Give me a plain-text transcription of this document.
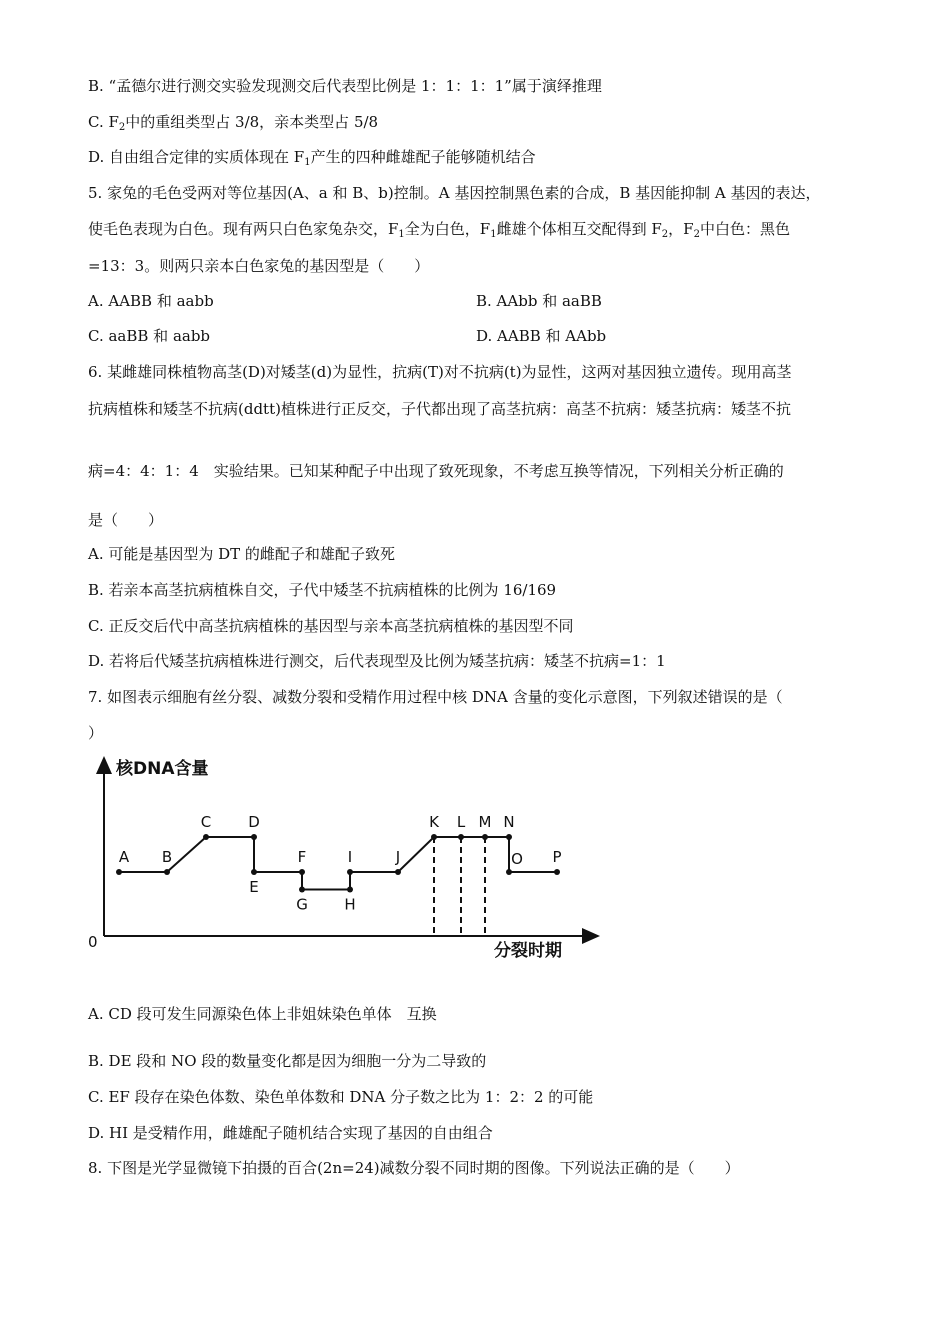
B. “孟德尔进行测交实验发现测交后代表型比例是 1：1：1：1”属于演绎推理
C. $F_2$中的重组类型占 3/8，亲本类型占 5/8
D. 自由组合定律的实质体现在 $F_1$产生的四种雌雄配子能够随机结合
5. 家兔的毛色受两对等位基因(A、a 和 B、b)控制。A 基因控制黑色素的合成，B 基因能抑制 A 基因的表达，
使毛色表现为白色。现有两只白色家兔杂交，$F_1$全为白色，$F_1$雌雄个体相互交配得到 $F_2$，$F_2$中白色：黑色
=13：3。则两只亲本白色家兔的基因型是（　　）
A. AABB 和 aabb	B. AAbb 和 aaBB
C. aaBB 和 aabb	D. AABB 和 AAbb
6. 某雌雄同株植物高茎(D)对矮茎(d)为显性，抗病(T)对不抗病(t)为显性，这两对基因独立遗传。现用高茎
抗病植株和矮茎不抗病(ddtt)植株进行正反交，子代都出现了高茎抗病：高茎不抗病：矮茎抗病：矮茎不抗
病=4：4：1：4　实验结果。已知某种配子中出现了致死现象，不考虑互换等情况，下列相关分析正确的
是（　　）
A. 可能是基因型为 DT 的雌配子和雄配子致死
B. 若亲本高茎抗病植株自交，子代中矮茎不抗病植株的比例为 16/169
C. 正反交后代中高茎抗病植株的基因型与亲本高茎抗病植株的基因型不同
D. 若将后代矮茎抗病植株进行测交，后代表现型及比例为矮茎抗病：矮茎不抗病=1：1
7. 如图表示细胞有丝分裂、减数分裂和受精作用过程中核 DNA 含量的变化示意图，下列叙述错误的是（
）
核DNA含量
分裂时期
0
A B
C D
E
F
G H
I	J
K L M N
O P
A. CD 段可发生同源染色体上非姐妹染色单体　互换
B. DE 段和 NO 段的数量变化都是因为细胞一分为二导致的
C. EF 段存在染色体数、染色单体数和 DNA 分子数之比为 1：2：2 的可能
D. HI 是受精作用，雌雄配子随机结合实现了基因的自由组合
8. 下图是光学显微镜下拍摄的百合(2n=24)减数分裂不同时期的图像。下列说法正确的是（　　）
